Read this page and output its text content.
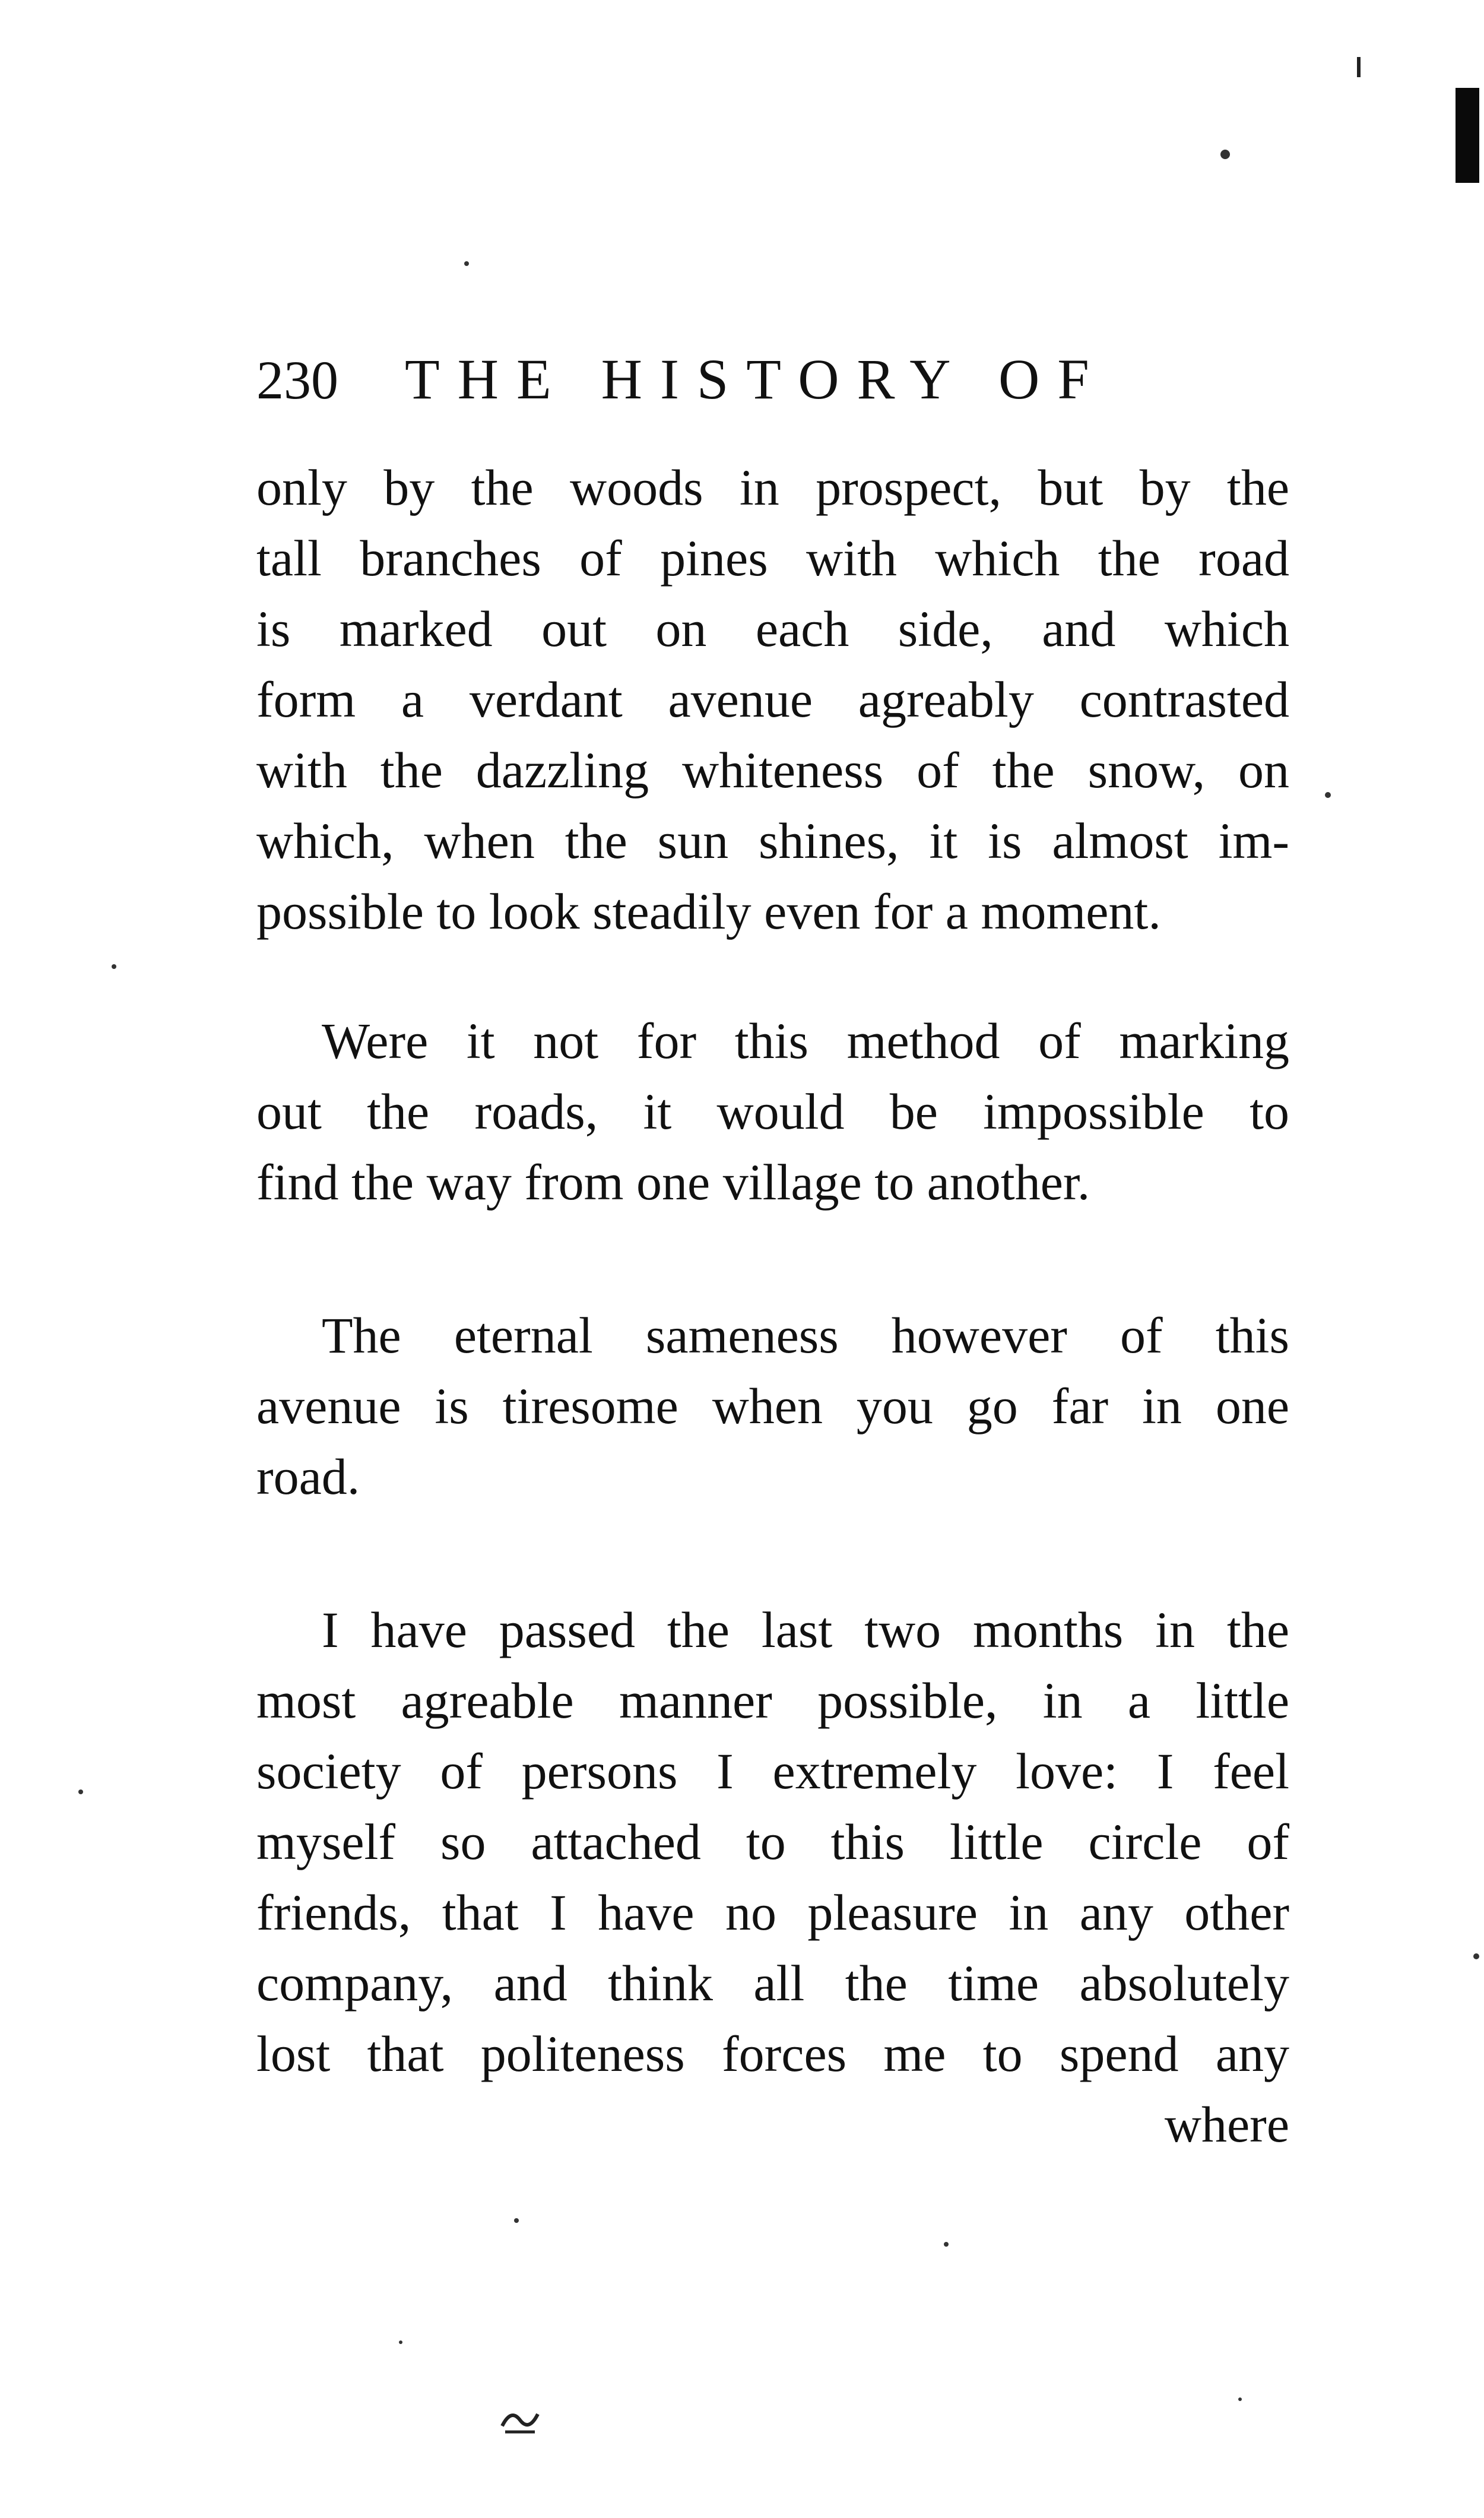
230 THE HISTORY OF
only by the woods in prospect, but by the
tall branches of pines with which the road
is marked out on each side, and which
form a verdant avenue agreably contrasted
with the dazzling whiteness of the snow, on
which, when the sun shines, it is almost im-
possible to look steadily even for a moment.
Were it not for this method of marking
out the roads, it would be impossible to
find the way from one village to another.
The eternal sameness however of this
avenue is tiresome when you go far in one
road.
I have passed the last two months in the
most agreable manner possible, in a little
society of persons I extremely love: I feel
myself so attached to this little circle of
friends, that I have no pleasure in any other
company, and think all the time absolutely
lost that politeness forces me to spend any
where
